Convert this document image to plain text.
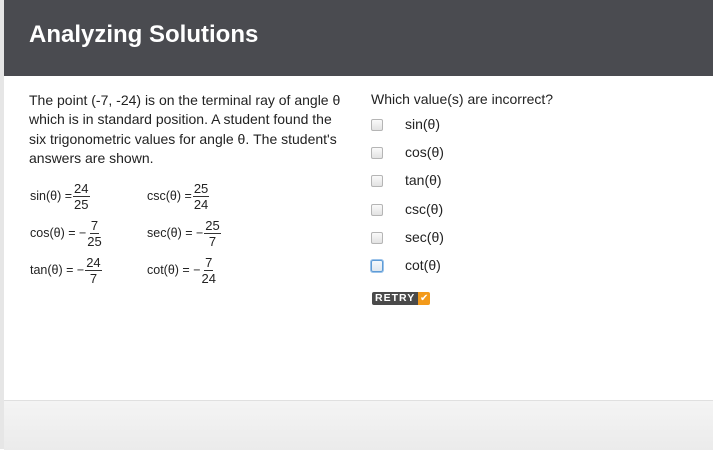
Analyzing Solutions
The point (-7, -24) is on the terminal ray of angle θ which is in standard position. A student found the six trigonometric values for angle θ. The student's answers are shown.
$\sin(\theta) = \frac{24}{25}$	$\csc(\theta) = \frac{25}{24}$
cos(θ) = − $\frac{7}{25}$	sec(θ) = − $\frac{25}{7}$
tan(θ) = − $\frac{24}{7}$	cot(θ) = − $\frac{7}{24}$
Which value(s) are incorrect?
sin(θ)
cos(θ)
tan(θ)
csc(θ)
sec(θ)
cot(θ)
RETRY ✔
